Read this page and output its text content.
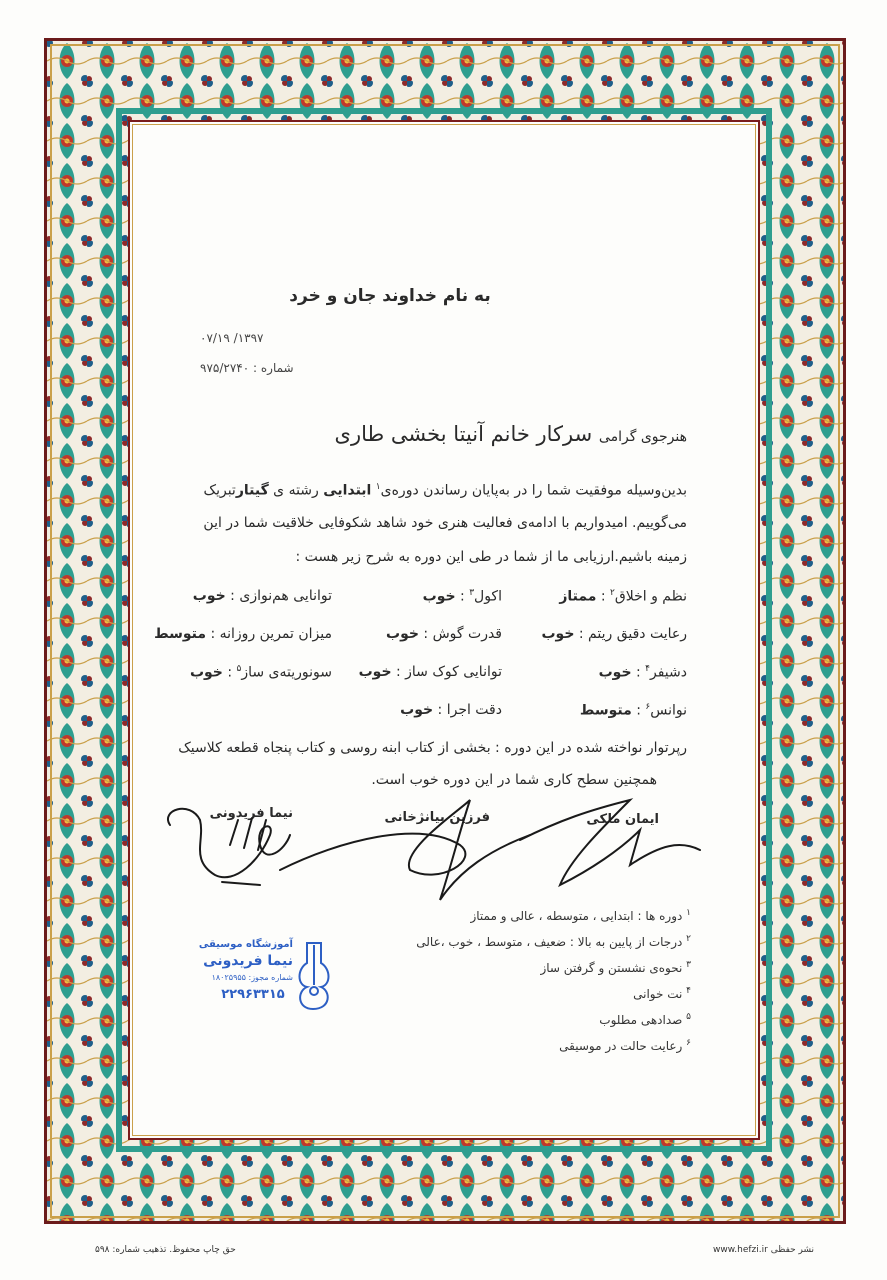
به نام خداوند جان و خرد
۱۳۹۷/ ۰۷/۱۹
شماره : ۹۷۵/۲۷۴۰
هنرجوی گرامی سرکار خانم آنیتا بخشی طاری
بدین‌وسیله موفقیت شما را در به‌پایان رساندن دوره‌ی$^۱$ ابتدایی رشته ی گیتارتبریک
می‌گوییم. امیدواریم با ادامه‌ی فعالیت هنری خود شاهد شکوفایی خلاقیت شما در این
زمینه باشیم.ارزیابی ما از شما در طی این دوره به شرح زیر هست :
نظم و اخلاق$^۲$ : ممتاز
اکول$^۳$ : خوب
توانایی هم‌نوازی : خوب
رعایت دقیق ریتم : خوب
قدرت گوش : خوب
میزان تمرین روزانه : متوسط
دشیفر$^۴$ : خوب
توانایی کوک ساز : خوب
سونوریته‌ی ساز$^۵$ : خوب
نوانس$^۶$ : متوسط
دقت اجرا : خوب
رپرتوار نواخته شده در این دوره : بخشی از کتاب ابنه روسی و کتاب پنجاه قطعه کلاسیک
همچنین سطح کاری شما در این دوره خوب است.
ایمان ملکی
فرزین بیانژخانی
نیما فریدونی
آموزشگاه موسیقی
نیما فریدونی
شماره مجوز: ۱۸۰۲۵۹۵۵
۲۲۹۶۳۳۱۵
$^۱$ دوره ها : ابتدایی ، متوسطه ، عالی و ممتاز
$^۲$ درجات از پایین به بالا : ضعیف ، متوسط ، خوب ،عالی
$^۳$ نحوه‌ی نشستن و گرفتن ساز
$^۴$ نت خوانی
$^۵$ صدادهی مطلوب
$^۶$ رعایت حالت در موسیقی
حق چاپ محفوظ. تذهیب شماره: ۵۹۸	www.hefzi.ir نشر حفظی
